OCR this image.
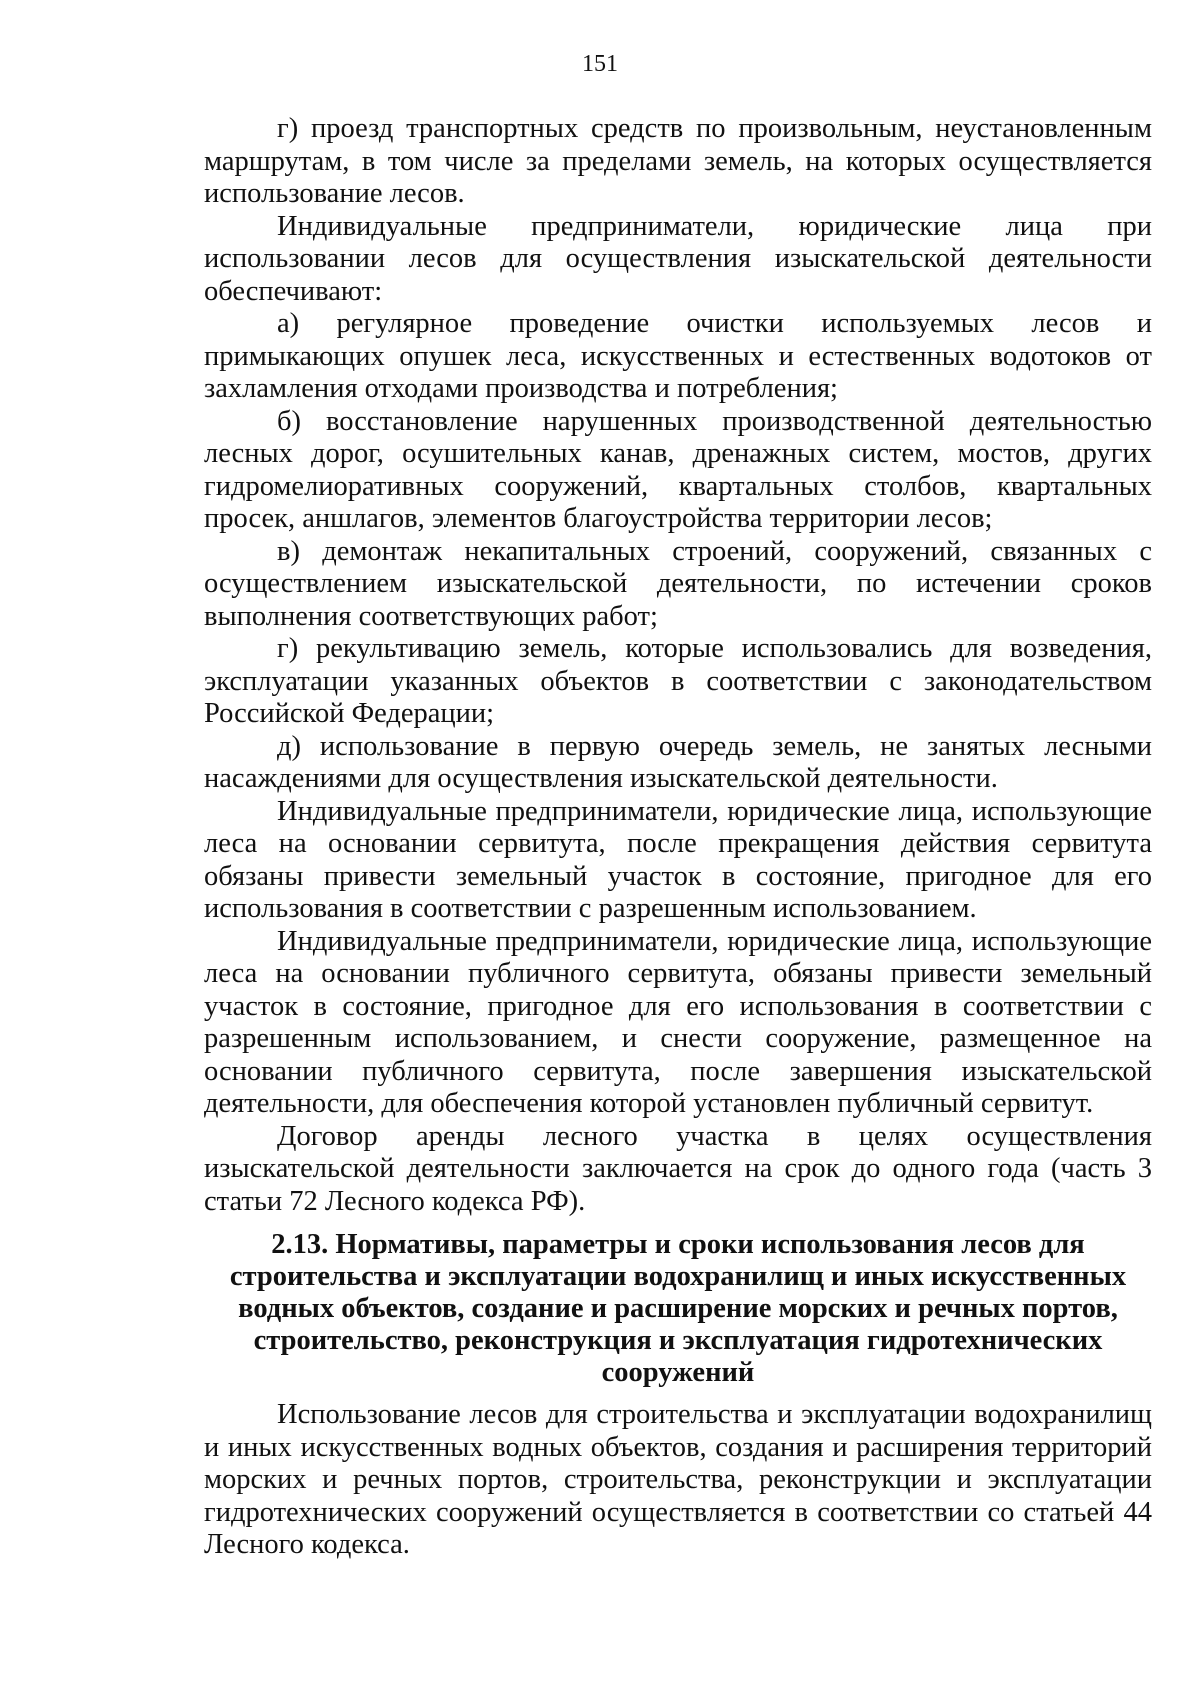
151

г) проезд транспортных средств по произвольным, неустановленным маршрутам, в том числе за пределами земель, на которых осуществляется использование лесов.

Индивидуальные предприниматели, юридические лица при использовании лесов для осуществления изыскательской деятельности обеспечивают:

а) регулярное проведение очистки используемых лесов и примыкающих опушек леса, искусственных и естественных водотоков от захламления отходами производства и потребления;

б) восстановление нарушенных производственной деятельностью лесных дорог, осушительных канав, дренажных систем, мостов, других гидромелиоративных сооружений, квартальных столбов, квартальных просек, аншлагов, элементов благоустройства территории лесов;

в) демонтаж некапитальных строений, сооружений, связанных с осуществлением изыскательской деятельности, по истечении сроков выполнения соответствующих работ;

г) рекультивацию земель, которые использовались для возведения, эксплуатации указанных объектов в соответствии с законодательством Российской Федерации;

д) использование в первую очередь земель, не занятых лесными насаждениями для осуществления изыскательской деятельности.

Индивидуальные предприниматели, юридические лица, использующие леса на основании сервитута, после прекращения действия сервитута обязаны привести земельный участок в состояние, пригодное для его использования в соответствии с разрешенным использованием.

Индивидуальные предприниматели, юридические лица, использующие леса на основании публичного сервитута, обязаны привести земельный участок в состояние, пригодное для его использования в соответствии с разрешенным использованием, и снести сооружение, размещенное на основании публичного сервитута, после завершения изыскательской деятельности, для обеспечения которой установлен публичный сервитут.

Договор аренды лесного участка в целях осуществления изыскательской деятельности заключается на срок до одного года (часть 3 статьи 72 Лесного кодекса РФ).

2.13. Нормативы, параметры и сроки использования лесов для строительства и эксплуатации водохранилищ и иных искусственных водных объектов, создание и расширение морских и речных портов, строительство, реконструкция и эксплуатация гидротехнических сооружений

Использование лесов для строительства и эксплуатации водохранилищ и иных искусственных водных объектов, создания и расширения территорий морских и речных портов, строительства, реконструкции и эксплуатации гидротехнических сооружений осуществляется в соответствии со статьей 44 Лесного кодекса.
